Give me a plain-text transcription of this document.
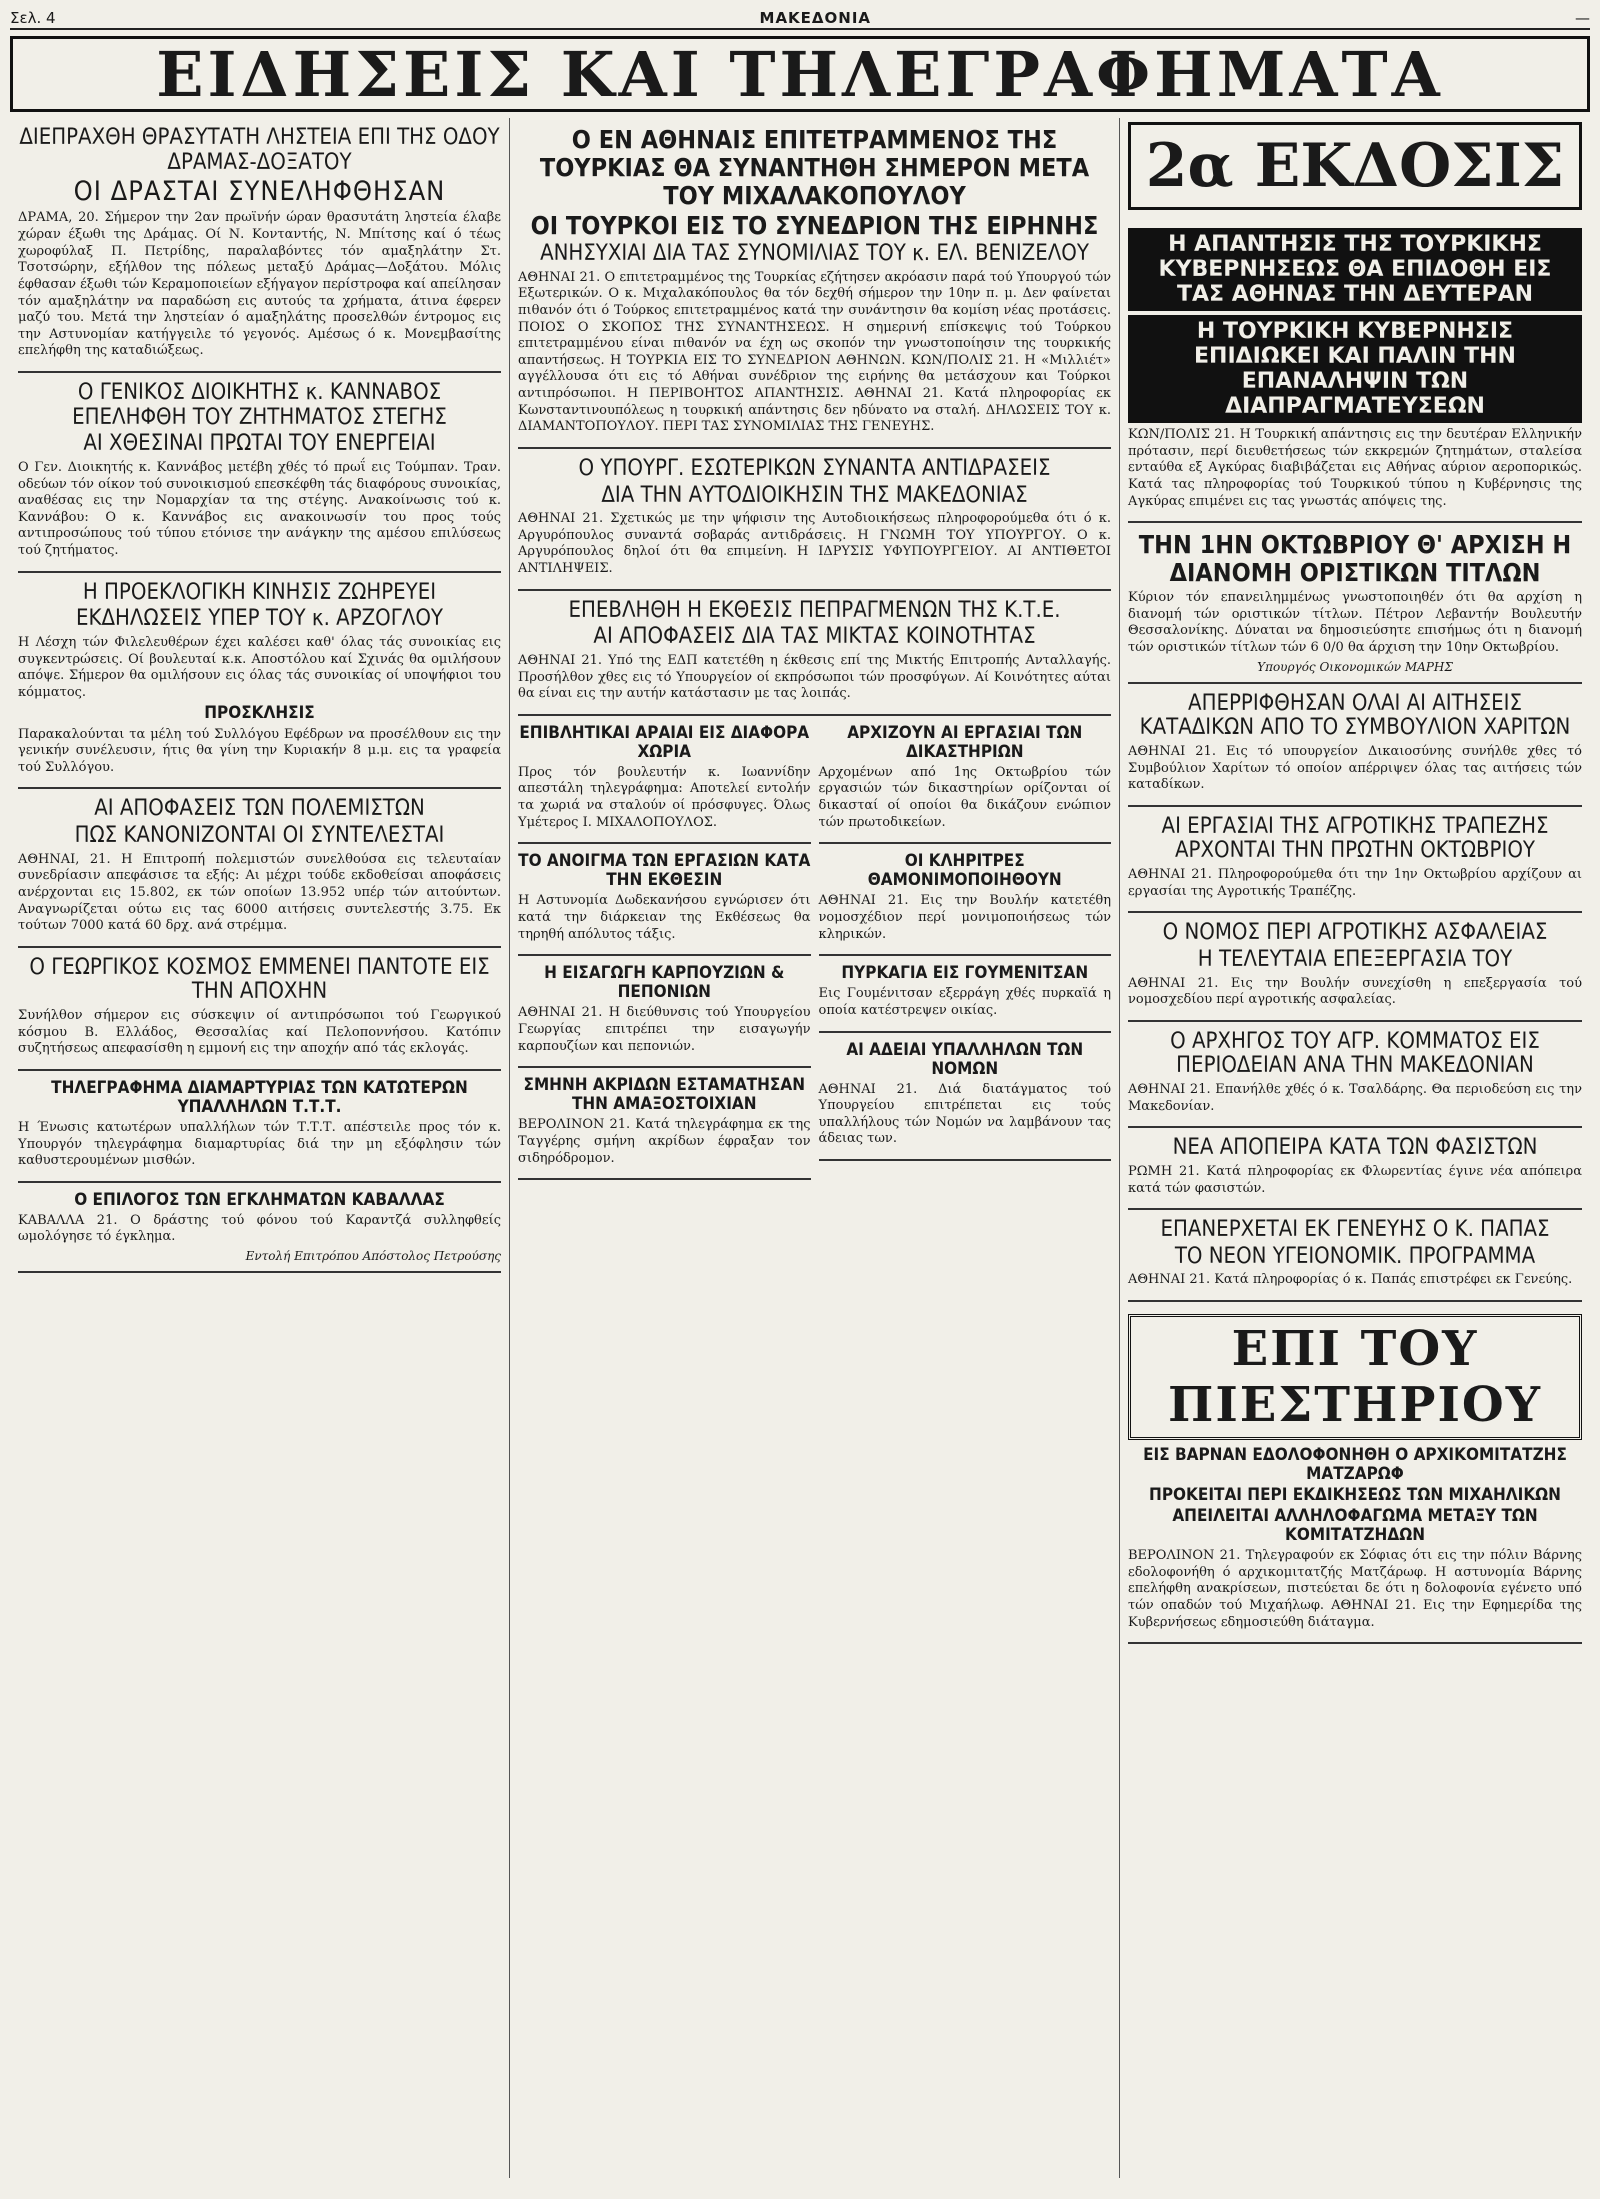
Σελ. 4	ΜΑΚΕΔΟΝΙΑ	—
ΕΙΔΗΣΕΙΣ ΚΑΙ ΤΗΛΕΓΡΑΦΗΜΑΤΑ
ΔΙΕΠΡΑΧΘΗ ΘΡΑΣΥΤΑΤΗ ΛΗΣΤΕΙΑ ΕΠΙ ΤΗΣ ΟΔΟΥ ΔΡΑΜΑΣ-ΔΟΞΑΤΟΥ
ΟΙ ΔΡΑΣΤΑΙ ΣΥΝΕΛΗΦΘΗΣΑΝ

ΔΡΑΜΑ, 20. Σήμερον την 2αν πρωϊνήν ώραν θρασυτάτη ληστεία έλαβε χώραν έξωθι της Δράμας. Οί Ν. Κονταντής, Ν. Μπίτσης καί ό τέως χωροφύλαξ Π. Πετρίδης, παραλαβόντες τόν αμαξηλάτην Στ. Τσοτσώρην, εξήλθον της πόλεως μεταξύ Δράμας—Δοξάτου. Μόλις έφθασαν έξωθι τών Κεραμοποιείων εξήγαγον περίστροφα καί απείλησαν τόν αμαξηλάτην να παραδώση εις αυτούς τα χρήματα, άτινα έφερεν μαζύ του. Μετά την ληστείαν ό αμαξηλάτης προσελθών έντρομος εις την Αστυνομίαν κατήγγειλε τό γεγονός. Αμέσως ό κ. Μονεμβασίτης επελήφθη της καταδιώξεως.

Ο ΓΕΝΙΚΟΣ ΔΙΟΙΚΗΤΗΣ κ. ΚΑΝΝΑΒΟΣ ΕΠΕΛΗΦΘΗ ΤΟΥ ΖΗΤΗΜΑΤΟΣ ΣΤΕΓΗΣ
ΑΙ ΧΘΕΣΙΝΑΙ ΠΡΩΤΑΙ ΤΟΥ ΕΝΕΡΓΕΙΑΙ

Ο Γεν. Διοικητής κ. Καννάβος μετέβη χθές τό πρωΐ εις Τούμπαν. Τραν. οδεύων τόν οίκον τού συνοικισμού επεσκέφθη τάς διαφόρους συνοικίας, αναθέσας εις την Νομαρχίαν τα της στέγης. Ανακοίνωσις τού κ. Καννάβου: Ο κ. Καννάβος εις ανακοινωσίν του προς τούς αντιπροσώπους τού τύπου ετόνισε την ανάγκην της αμέσου επιλύσεως τού ζητήματος.

Η ΠΡΟΕΚΛΟΓΙΚΗ ΚΙΝΗΣΙΣ ΖΩΗΡΕΥΕΙ
ΕΚΔΗΛΩΣΕΙΣ ΥΠΕΡ ΤΟΥ κ. ΑΡΖΟΓΛΟΥ

Η Λέσχη τών Φιλελευθέρων έχει καλέσει καθ' όλας τάς συνοικίας εις συγκεντρώσεις. Οί βουλευταί κ.κ. Αποστόλου καί Σχινάς θα ομιλήσουν απόψε. Σήμερον θα ομιλήσουν εις όλας τάς συνοικίας οί υποψήφιοι του κόμματος.

ΠΡΟΣΚΛΗΣΙΣ

Παρακαλούνται τα μέλη τού Συλλόγου Εφέδρων να προσέλθουν εις την γενικήν συνέλευσιν, ήτις θα γίνη την Κυριακήν 8 μ.μ. εις τα γραφεία τού Συλλόγου.

ΑΙ ΑΠΟΦΑΣΕΙΣ ΤΩΝ ΠΟΛΕΜΙΣΤΩΝ
ΠΩΣ ΚΑΝΟΝΙΖΟΝΤΑΙ ΟΙ ΣΥΝΤΕΛΕΣΤΑΙ

ΑΘΗΝΑΙ, 21. Η Επιτροπή πολεμιστών συνελθούσα εις τελευταίαν συνεδρίασιν απεφάσισε τα εξής: Αι μέχρι τούδε εκδοθείσαι αποφάσεις ανέρχονται εις 15.802, εκ τών οποίων 13.952 υπέρ τών αιτούντων. Αναγνωρίζεται ούτω εις τας 6000 αιτήσεις συντελεστής 3.75. Εκ τούτων 7000 κατά 60 δρχ. ανά στρέμμα.

Ο ΓΕΩΡΓΙΚΟΣ ΚΟΣΜΟΣ ΕΜΜΕΝΕΙ ΠΑΝΤΟΤΕ ΕΙΣ ΤΗΝ ΑΠΟΧΗΝ

Συνήλθον σήμερον εις σύσκεψιν οί αντιπρόσωποι τού Γεωργικού κόσμου Β. Ελλάδος, Θεσσαλίας καί Πελοποννήσου. Κατόπιν συζητήσεως απεφασίσθη η εμμονή εις την αποχήν από τάς εκλογάς.

ΤΗΛΕΓΡΑΦΗΜΑ ΔΙΑΜΑΡΤΥΡΙΑΣ ΤΩΝ ΚΑΤΩΤΕΡΩΝ ΥΠΑΛΛΗΛΩΝ Τ.Τ.Τ.

Η Ένωσις κατωτέρων υπαλλήλων τών Τ.Τ.Τ. απέστειλε προς τόν κ. Υπουργόν τηλεγράφημα διαμαρτυρίας διά την μη εξόφλησιν τών καθυστερουμένων μισθών.

Ο ΕΠΙΛΟΓΟΣ ΤΩΝ ΕΓΚΛΗΜΑΤΩΝ ΚΑΒΑΛΛΑΣ

ΚΑΒΑΛΛΑ 21. Ο δράστης τού φόνου τού Καραντζά συλληφθείς ωμολόγησε τό έγκλημα.

Εντολή Επιτρόπου Απόστολος Πετρούσης
Ο ΕΝ ΑΘΗΝΑΙΣ ΕΠΙΤΕΤΡΑΜΜΕΝΟΣ ΤΗΣ ΤΟΥΡΚΙΑΣ ΘΑ ΣΥΝΑΝΤΗΘΗ ΣΗΜΕΡΟΝ ΜΕΤΑ ΤΟΥ ΜΙΧΑΛΑΚΟΠΟΥΛΟΥ
ΟΙ ΤΟΥΡΚΟΙ ΕΙΣ ΤΟ ΣΥΝΕΔΡΙΟΝ ΤΗΣ ΕΙΡΗΝΗΣ
ΑΝΗΣΥΧΙΑΙ ΔΙΑ ΤΑΣ ΣΥΝΟΜΙΛΙΑΣ ΤΟΥ κ. ΕΛ. ΒΕΝΙΖΕΛΟΥ

ΑΘΗΝΑΙ 21. Ο επιτετραμμένος της Τουρκίας εζήτησεν ακρόασιν παρά τού Υπουργού τών Εξωτερικών. Ο κ. Μιχαλακόπουλος θα τόν δεχθή σήμερον την 10ην π. μ. Δεν φαίνεται πιθανόν ότι ό Τούρκος επιτετραμμένος κατά την συνάντησιν θα κομίση νέας προτάσεις. ΠΟΙΟΣ Ο ΣΚΟΠΟΣ ΤΗΣ ΣΥΝΑΝΤΗΣΕΩΣ. Η σημερινή επίσκεψις τού Τούρκου επιτετραμμένου είναι πιθανόν να έχη ως σκοπόν την γνωστοποίησιν της τουρκικής απαντήσεως. Η ΤΟΥΡΚΙΑ ΕΙΣ ΤΟ ΣΥΝΕΔΡΙΟΝ ΑΘΗΝΩΝ. ΚΩΝ/ΠΟΛΙΣ 21. Η «Μιλλιέτ» αγγέλλουσα ότι εις τό Αθήναι συνέδριον της ειρήνης θα μετάσχουν και Τούρκοι αντιπρόσωποι. Η ΠΕΡΙΒΟΗΤΟΣ ΑΠΑΝΤΗΣΙΣ. ΑΘΗΝΑΙ 21. Κατά πληροφορίας εκ Κωνσταντινουπόλεως η τουρκική απάντησις δεν ηδύνατο να σταλή. ΔΗΛΩΣΕΙΣ ΤΟΥ κ. ΔΙΑΜΑΝΤΟΠΟΥΛΟΥ. ΠΕΡΙ ΤΑΣ ΣΥΝΟΜΙΛΙΑΣ ΤΗΣ ΓΕΝΕΥΗΣ.

Ο ΥΠΟΥΡΓ. ΕΣΩΤΕΡΙΚΩΝ ΣΥΝΑΝΤΑ ΑΝΤΙΔΡΑΣΕΙΣ
ΔΙΑ ΤΗΝ ΑΥΤΟΔΙΟΙΚΗΣΙΝ ΤΗΣ ΜΑΚΕΔΟΝΙΑΣ

ΑΘΗΝΑΙ 21. Σχετικώς με την ψήφισιν της Αυτοδιοικήσεως πληροφορούμεθα ότι ό κ. Αργυρόπουλος συναντά σοβαράς αντιδράσεις. Η ΓΝΩΜΗ ΤΟΥ ΥΠΟΥΡΓΟΥ. Ο κ. Αργυρόπουλος δηλοί ότι θα επιμείνη. Η ΙΔΡΥΣΙΣ ΥΦΥΠΟΥΡΓΕΙΟΥ. ΑΙ ΑΝΤΙΘΕΤΟΙ ΑΝΤΙΛΗΨΕΙΣ.

ΕΠΕΒΛΗΘΗ Η ΕΚΘΕΣΙΣ ΠΕΠΡΑΓΜΕΝΩΝ ΤΗΣ Κ.Τ.Ε.
ΑΙ ΑΠΟΦΑΣΕΙΣ ΔΙΑ ΤΑΣ ΜΙΚΤΑΣ ΚΟΙΝΟΤΗΤΑΣ

ΑΘΗΝΑΙ 21. Υπό της ΕΔΠ κατετέθη η έκθεσις επί της Μικτής Επιτροπής Ανταλλαγής. Προσήλθον χθες εις τό Υπουργείον οί εκπρόσωποι τών προσφύγων. Αί Κοινότητες αύται θα είναι εις την αυτήν κατάστασιν με τας λοιπάς.

ΕΠΙΒΛΗΤΙΚΑΙ ΑΡΑΙΑΙ ΕΙΣ ΔΙΑΦΟΡΑ ΧΩΡΙΑ

Προς τόν βουλευτήν κ. Ιωαννίδην απεστάλη τηλεγράφημα: Αποτελεί εντολήν τα χωριά να σταλούν οί πρόσφυγες. Όλως Υμέτερος Ι. ΜΙΧΑΛΟΠΟΥΛΟΣ.

ΤΟ ΑΝΟΙΓΜΑ ΤΩΝ ΕΡΓΑΣΙΩΝ ΚΑΤΑ ΤΗΝ ΕΚΘΕΣΙΝ

Η Αστυνομία Δωδεκανήσου εγνώρισεν ότι κατά την διάρκειαν της Εκθέσεως θα τηρηθή απόλυτος τάξις.

Η ΕΙΣΑΓΩΓΗ ΚΑΡΠΟΥΖΙΩΝ & ΠΕΠΟΝΙΩΝ

ΑΘΗΝΑΙ 21. Η διεύθυνσις τού Υπουργείου Γεωργίας επιτρέπει την εισαγωγήν καρπουζίων και πεπονιών.

ΣΜΗΝΗ ΑΚΡΙΔΩΝ ΕΣΤΑΜΑΤΗΣΑΝ ΤΗΝ ΑΜΑΞΟΣΤΟΙΧΙΑΝ

ΒΕΡΟΛΙΝΟΝ 21. Κατά τηλεγράφημα εκ της Ταγγέρης σμήνη ακρίδων έφραξαν τον σιδηρόδρομον.

ΑΡΧΙΖΟΥΝ ΑΙ ΕΡΓΑΣΙΑΙ ΤΩΝ ΔΙΚΑΣΤΗΡΙΩΝ

Αρχομένων από 1ης Οκτωβρίου τών εργασιών τών δικαστηρίων ορίζονται οί δικασταί οί οποίοι θα δικάζουν ενώπιον τών πρωτοδικείων.

ΟΙ ΚΛΗΡΙΤΡΕΣ ΘΑΜΟΝΙΜΟΠΟΙΗΘΟΥΝ

ΑΘΗΝΑΙ 21. Εις την Βουλήν κατετέθη νομοσχέδιον περί μονιμοποιήσεως τών κληρικών.

ΠΥΡΚΑΓΙΑ ΕΙΣ ΓΟΥΜΕΝΙΤΣΑΝ

Εις Γουμένιτσαν εξερράγη χθές πυρκαϊά η οποία κατέστρεψεν οικίας.

ΑΙ ΑΔΕΙΑΙ ΥΠΑΛΛΗΛΩΝ ΤΩΝ ΝΟΜΩΝ

ΑΘΗΝΑΙ 21. Διά διατάγματος τού Υπουργείου επιτρέπεται εις τούς υπαλλήλους τών Νομών να λαμβάνουν τας άδειας των.

2α ΕΚΔΟΣΙΣ
Η ΑΠΑΝΤΗΣΙΣ ΤΗΣ ΤΟΥΡΚΙΚΗΣ ΚΥΒΕΡΝΗΣΕΩΣ ΘΑ ΕΠΙΔΟΘΗ ΕΙΣ ΤΑΣ ΑΘΗΝΑΣ ΤΗΝ ΔΕΥΤΕΡΑΝ
Η ΤΟΥΡΚΙΚΗ ΚΥΒΕΡΝΗΣΙΣ ΕΠΙΔΙΩΚΕΙ ΚΑΙ ΠΑΛΙΝ ΤΗΝ ΕΠΑΝΑΛΗΨΙΝ ΤΩΝ ΔΙΑΠΡΑΓΜΑΤΕΥΣΕΩΝ

ΚΩΝ/ΠΟΛΙΣ 21. Η Τουρκική απάντησις εις την δευτέραν Ελληνικήν πρότασιν, περί διευθετήσεως τών εκκρεμών ζητημάτων, σταλείσα ενταύθα εξ Αγκύρας διαβιβάζεται εις Αθήνας αύριον αεροπορικώς. Κατά τας πληροφορίας τού Τουρκικού τύπου η Κυβέρνησις της Αγκύρας επιμένει εις τας γνωστάς απόψεις της.

ΤΗΝ 1ΗΝ ΟΚΤΩΒΡΙΟΥ Θ' ΑΡΧΙΣΗ Η ΔΙΑΝΟΜΗ ΟΡΙΣΤΙΚΩΝ ΤΙΤΛΩΝ

Κύριον τόν επανειλημμένως γνωστοποιηθέν ότι θα αρχίση η διανομή τών οριστικών τίτλων. Πέτρον Λεβαντήν Βουλευτήν Θεσσαλονίκης. Δύναται να δημοσιεύσητε επισήμως ότι η διανομή τών οριστικών τίτλων τών 6 0/0 θα άρχιση την 10ην Οκτωβρίου.

Υπουργός Οικονομικών ΜΑΡΗΣ
ΑΠΕΡΡΙΦΘΗΣΑΝ ΟΛΑΙ ΑΙ ΑΙΤΗΣΕΙΣ ΚΑΤΑΔΙΚΩΝ ΑΠΟ ΤΟ ΣΥΜΒΟΥΛΙΟΝ ΧΑΡΙΤΩΝ

ΑΘΗΝΑΙ 21. Εις τό υπουργείον Δικαιοσύνης συνήλθε χθες τό Συμβούλιον Χαρίτων τό οποίον απέρριψεν όλας τας αιτήσεις τών καταδίκων.

ΑΙ ΕΡΓΑΣΙΑΙ ΤΗΣ ΑΓΡΟΤΙΚΗΣ ΤΡΑΠΕΖΗΣ ΑΡΧΟΝΤΑΙ ΤΗΝ ΠΡΩΤΗΝ ΟΚΤΩΒΡΙΟΥ

ΑΘΗΝΑΙ 21. Πληροφορούμεθα ότι την 1ην Οκτωβρίου αρχίζουν αι εργασίαι της Αγροτικής Τραπέζης.

Ο ΝΟΜΟΣ ΠΕΡΙ ΑΓΡΟΤΙΚΗΣ ΑΣΦΑΛΕΙΑΣ
Η ΤΕΛΕΥΤΑΙΑ ΕΠΕΞΕΡΓΑΣΙΑ ΤΟΥ

ΑΘΗΝΑΙ 21. Εις την Βουλήν συνεχίσθη η επεξεργασία τού νομοσχεδίου περί αγροτικής ασφαλείας.

Ο ΑΡΧΗΓΟΣ ΤΟΥ ΑΓΡ. ΚΟΜΜΑΤΟΣ ΕΙΣ ΠΕΡΙΟΔΕΙΑΝ ΑΝΑ ΤΗΝ ΜΑΚΕΔΟΝΙΑΝ

ΑΘΗΝΑΙ 21. Επανήλθε χθές ό κ. Τσαλδάρης. Θα περιοδεύση εις την Μακεδονίαν.

ΝΕΑ ΑΠΟΠΕΙΡΑ ΚΑΤΑ ΤΩΝ ΦΑΣΙΣΤΩΝ

ΡΩΜΗ 21. Κατά πληροφορίας εκ Φλωρεντίας έγινε νέα απόπειρα κατά τών φασιστών.

ΕΠΑΝΕΡΧΕΤΑΙ ΕΚ ΓΕΝΕΥΗΣ Ο Κ. ΠΑΠΑΣ
ΤΟ ΝΕΟΝ ΥΓΕΙΟΝΟΜΙΚ. ΠΡΟΓΡΑΜΜΑ

ΑΘΗΝΑΙ 21. Κατά πληροφορίας ό κ. Παπάς επιστρέφει εκ Γενεύης.

ΕΠΙ ΤΟΥ ΠΙΕΣΤΗΡΙΟΥ
ΕΙΣ ΒΑΡΝΑΝ ΕΔΟΛΟΦΟΝΗΘΗ Ο ΑΡΧΙΚΟΜΙΤΑΤΖΗΣ ΜΑΤΖΑΡΩΦ
ΠΡΟΚΕΙΤΑΙ ΠΕΡΙ ΕΚΔΙΚΗΣΕΩΣ ΤΩΝ ΜΙΧΑΗΛΙΚΩΝ
ΑΠΕΙΛΕΙΤΑΙ ΑΛΛΗΛΟΦΑΓΩΜΑ ΜΕΤΑΞΥ ΤΩΝ ΚΟΜΙΤΑΤΖΗΔΩΝ

ΒΕΡΟΛΙΝΟΝ 21. Τηλεγραφούν εκ Σόφιας ότι εις την πόλιν Βάρνης εδολοφονήθη ό αρχικομιτατζής Ματζάρωφ. Η αστυνομία Βάρνης επελήφθη ανακρίσεων, πιστεύεται δε ότι η δολοφονία εγένετο υπό τών οπαδών τού Μιχαήλωφ. ΑΘΗΝΑΙ 21. Εις την Εφημερίδα της Κυβερνήσεως εδημοσιεύθη διάταγμα.
